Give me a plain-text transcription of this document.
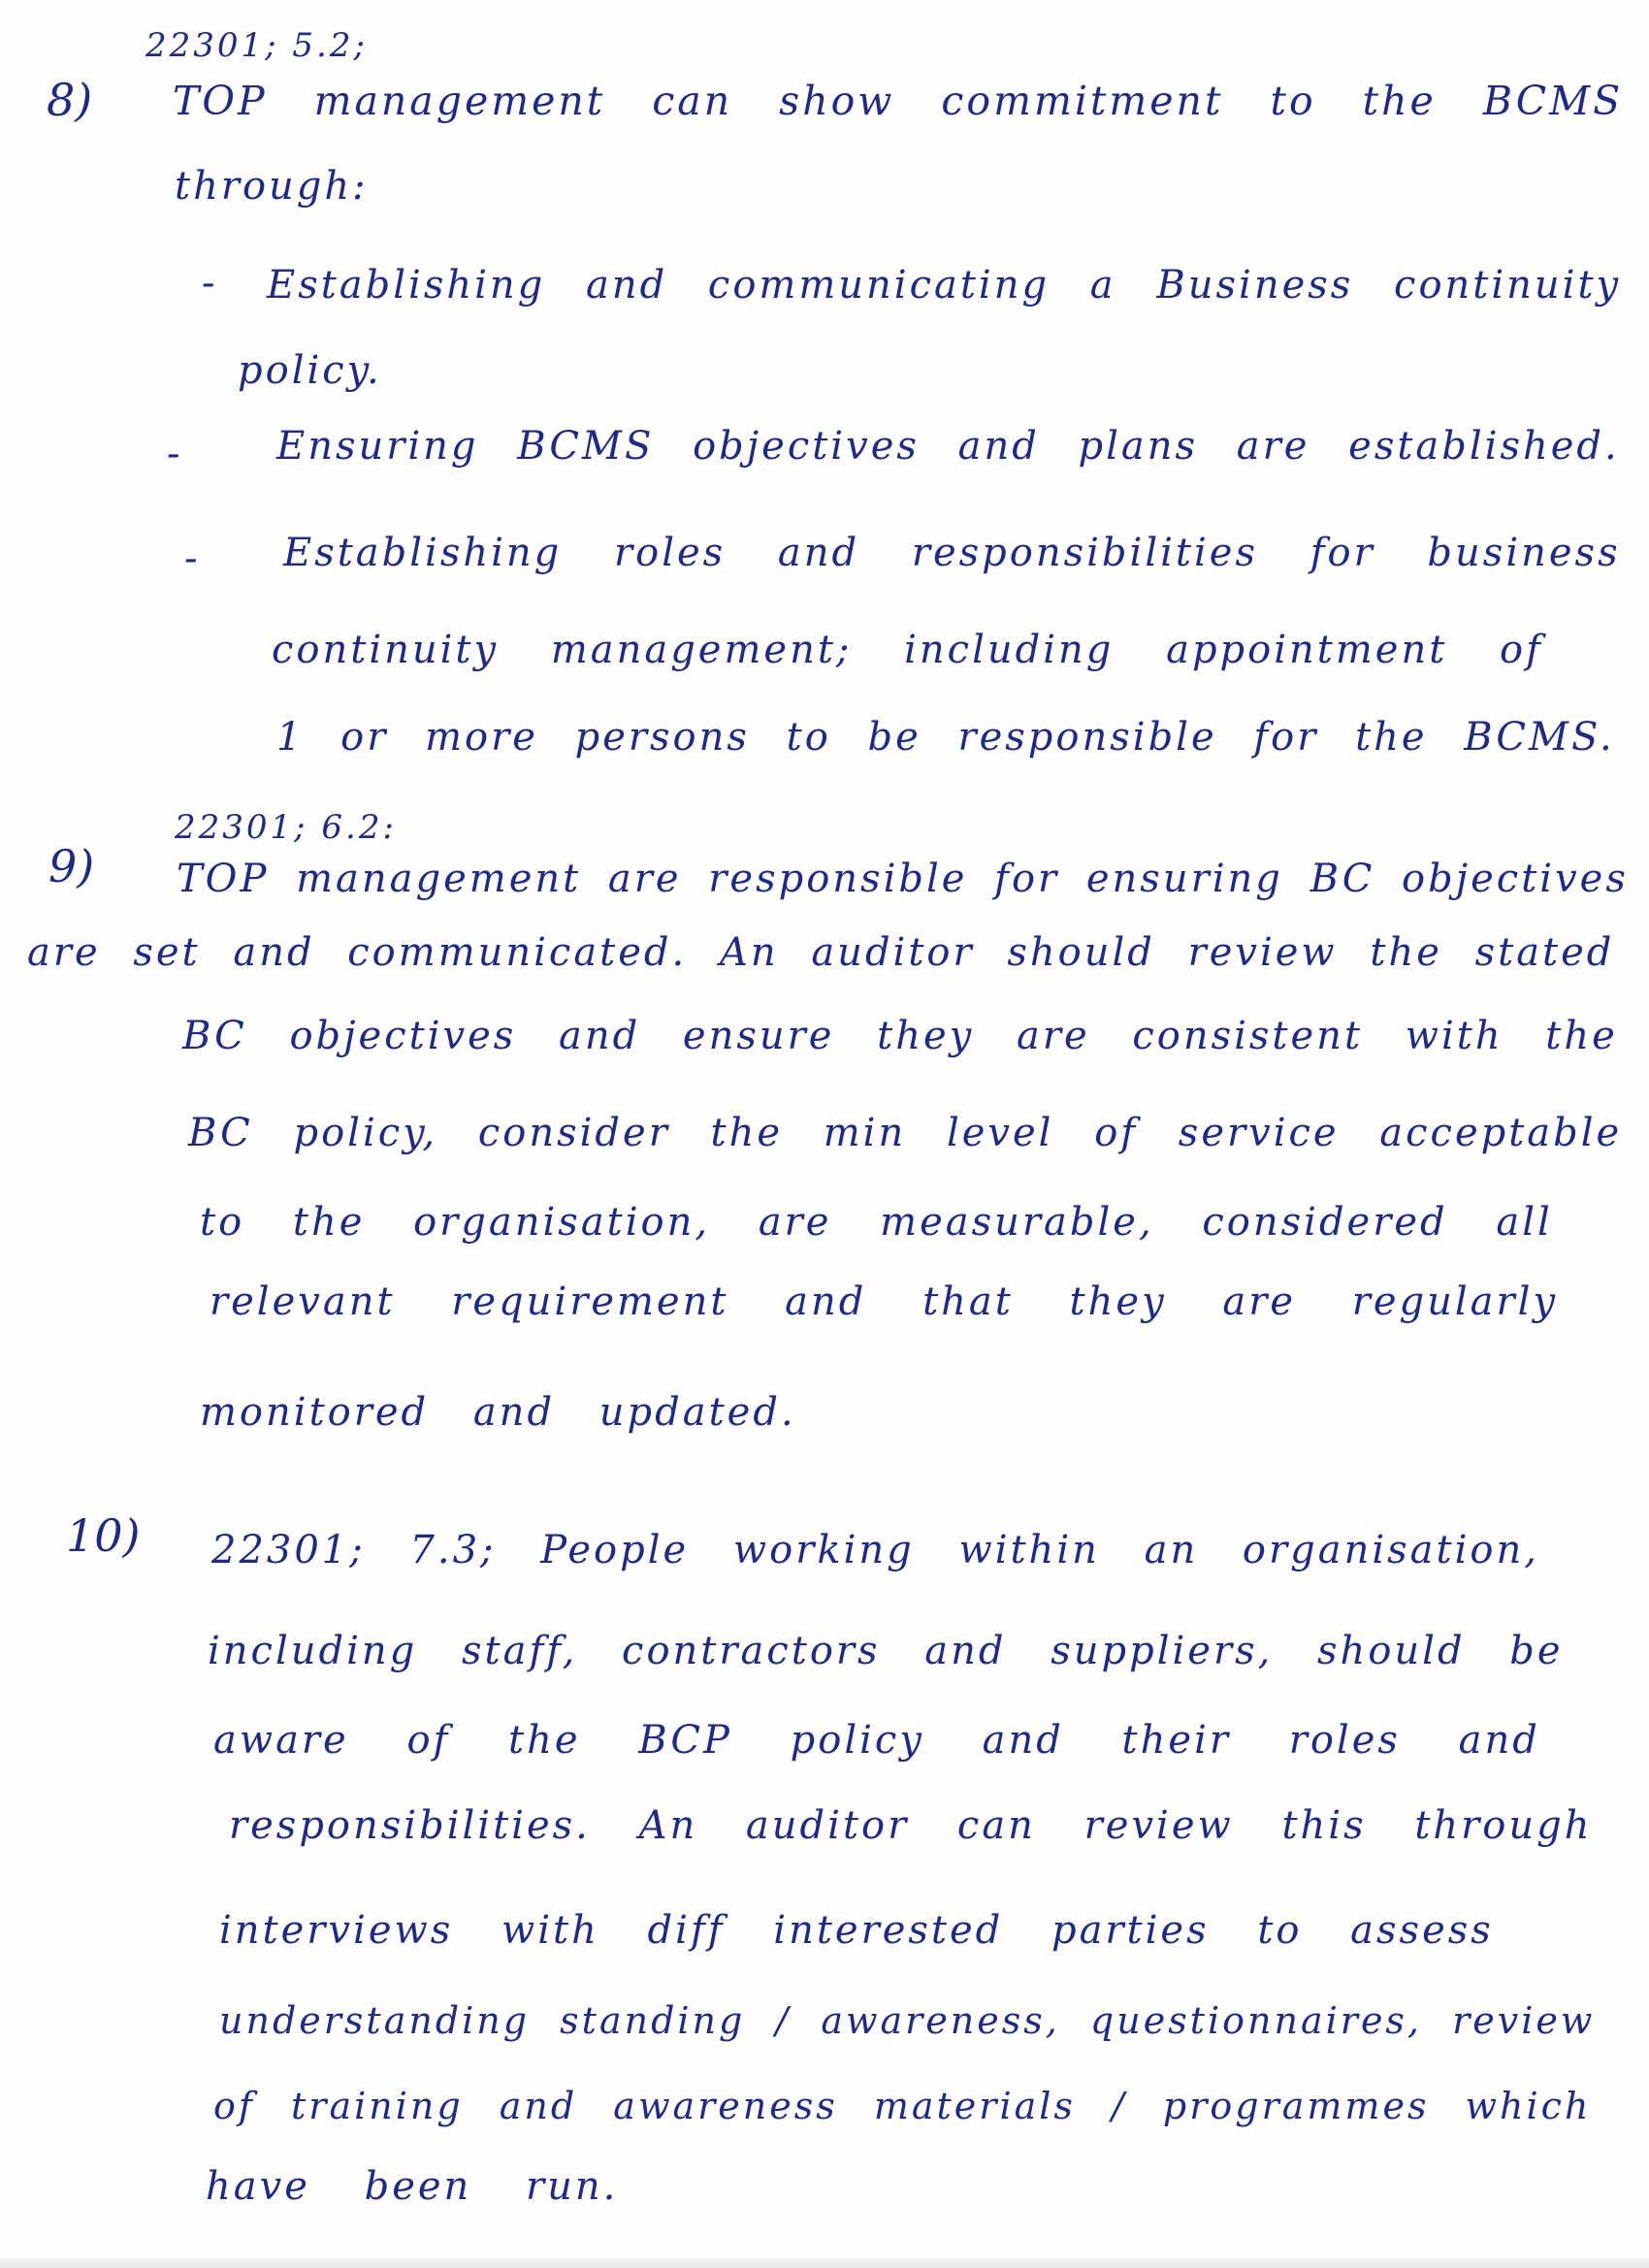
22301; 5.2;
8) TOP management can show commitment to the BCMS
through:
- Establishing and communicating a Business continuity
policy.
- Ensuring BCMS objectives and plans are established.
- Establishing roles and responsibilities for business
continuity management; including appointment of
1 or more persons to be responsible for the BCMS.
22301; 6.2:
9) TOP management are responsible for ensuring BC objectives
are set and communicated. An auditor should review the stated
BC objectives and ensure they are consistent with the
BC policy, consider the min level of service acceptable
to the organisation, are measurable, considered all
relevant requirement and that they are regularly
monitored and updated.
10) 22301; 7.3; People working within an organisation,
including staff, contractors and suppliers, should be
aware of the BCP policy and their roles and
responsibilities. An auditor can review this through
interviews with diff interested parties to assess
understanding standing / awareness, questionnaires, review
of training and awareness materials / programmes which
have been run.
